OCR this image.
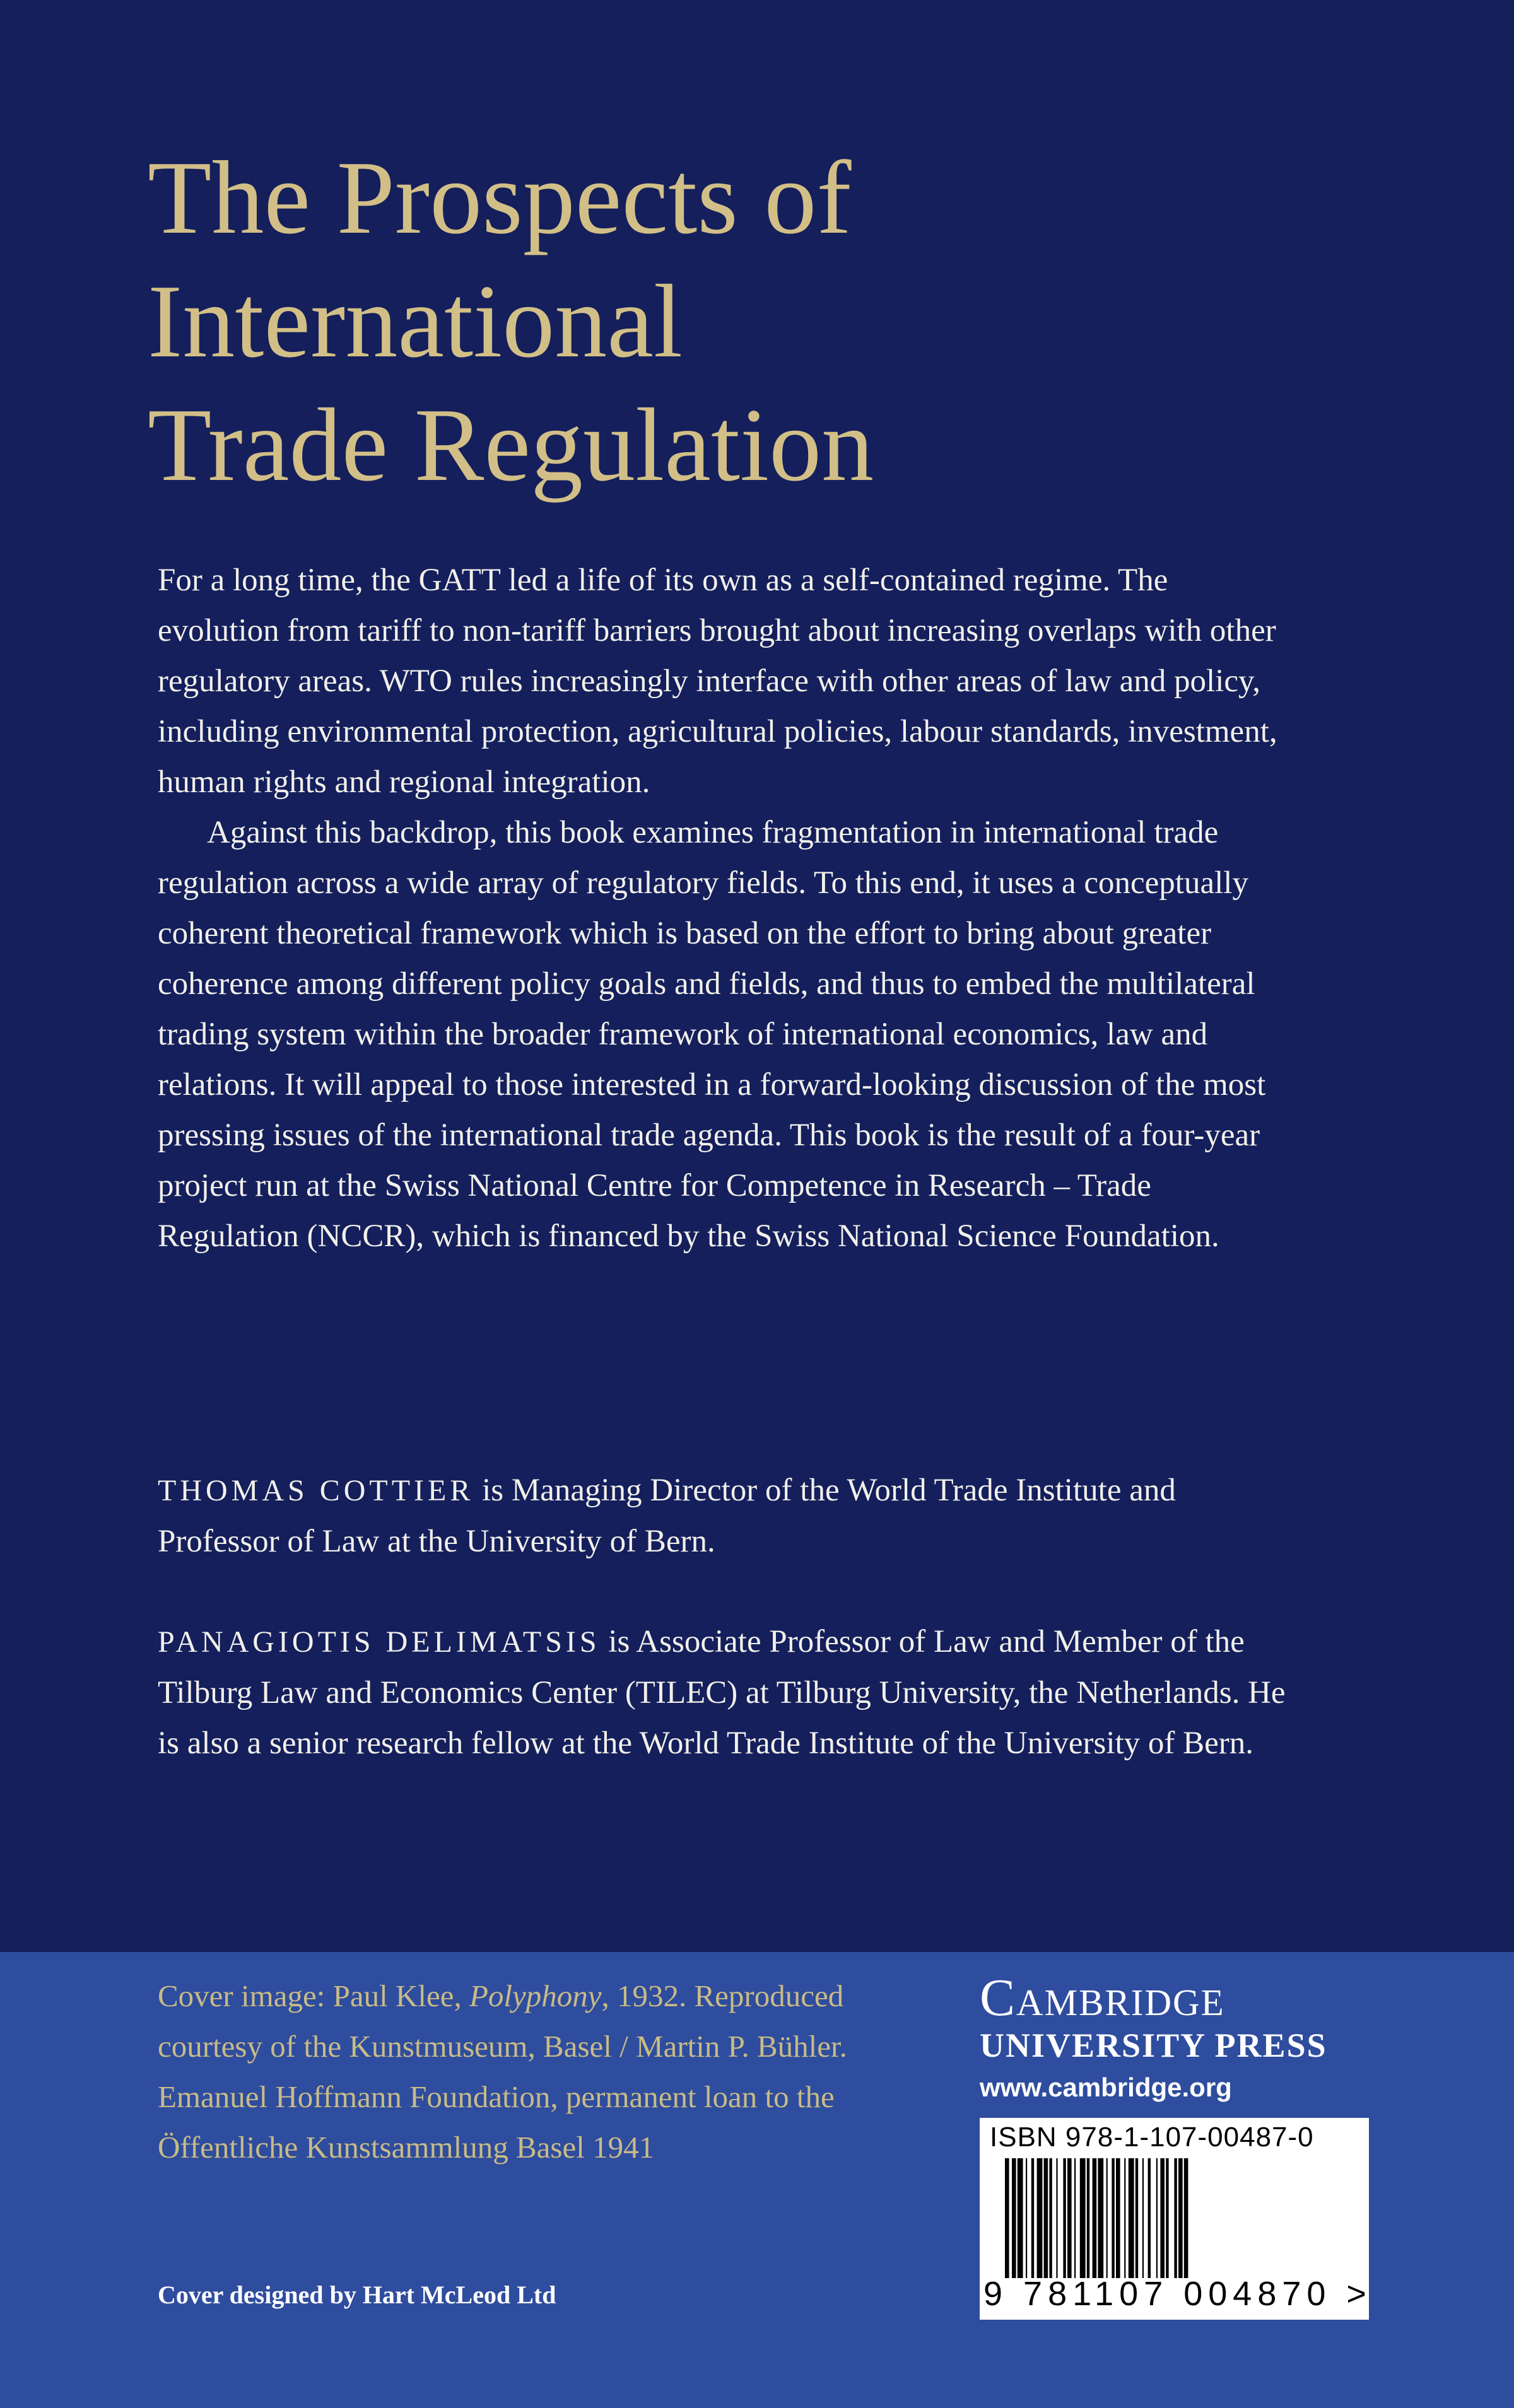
The Prospects of
International
Trade Regulation

For a long time, the GATT led a life of its own as a self-contained regime. The evolution from tariff to non-tariff barriers brought about increasing overlaps with other regulatory areas. WTO rules increasingly interface with other areas of law and policy, including environmental protection, agricultural policies, labour standards, investment, human rights and regional integration.

Against this backdrop, this book examines fragmentation in international trade regulation across a wide array of regulatory fields. To this end, it uses a conceptually coherent theoretical framework which is based on the effort to bring about greater coherence among different policy goals and fields, and thus to embed the multilateral trading system within the broader framework of international economics, law and relations. It will appeal to those interested in a forward-looking discussion of the most pressing issues of the international trade agenda. This book is the result of a four-year project run at the Swiss National Centre for Competence in Research – Trade Regulation (NCCR), which is financed by the Swiss National Science Foundation.

THOMAS COTTIER is Managing Director of the World Trade Institute and Professor of Law at the University of Bern.

PANAGIOTIS DELIMATSIS is Associate Professor of Law and Member of the Tilburg Law and Economics Center (TILEC) at Tilburg University, the Netherlands. He is also a senior research fellow at the World Trade Institute of the University of Bern.

Cover image: Paul Klee, Polyphony, 1932. Reproduced courtesy of the Kunstmuseum, Basel / Martin P. Bühler. Emanuel Hoffmann Foundation, permanent loan to the Öffentliche Kunstsammlung Basel 1941

Cover designed by Hart McLeod Ltd

Cambridge
UNIVERSITY PRESS
www.cambridge.org
ISBN 978-1-107-00487-0
9 781107 004870 >
